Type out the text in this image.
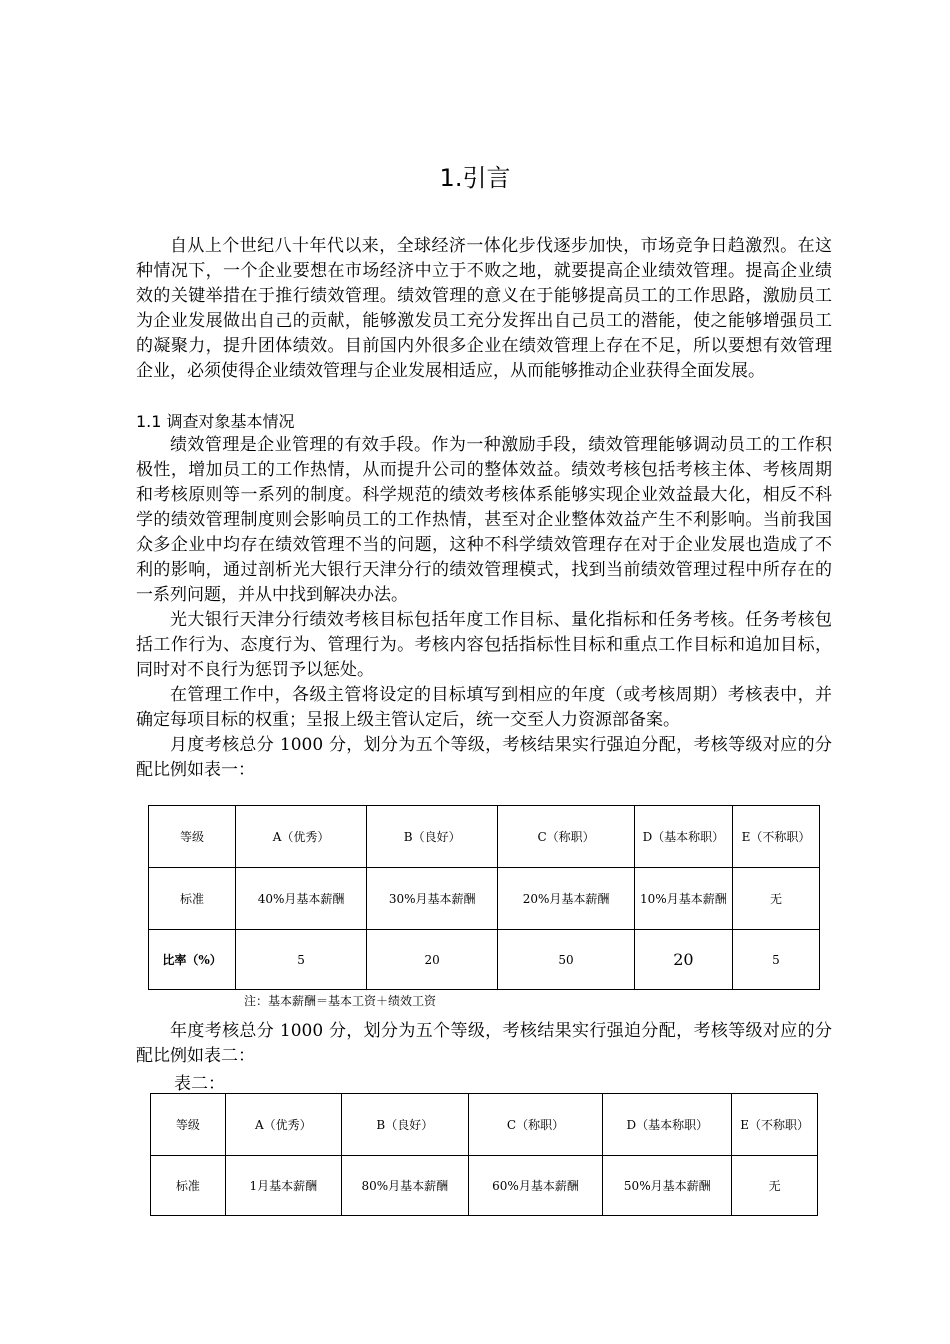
1.引言

自从上个世纪八十年代以来，全球经济一体化步伐逐步加快，市场竞争日趋激烈。在这种情况下，一个企业要想在市场经济中立于不败之地，就要提高企业绩效管理。提高企业绩效的关键举措在于推行绩效管理。绩效管理的意义在于能够提高员工的工作思路，激励员工为企业发展做出自己的贡献，能够激发员工充分发挥出自己员工的潜能，使之能够增强员工的凝聚力，提升团体绩效。目前国内外很多企业在绩效管理上存在不足，所以要想有效管理企业，必须使得企业绩效管理与企业发展相适应，从而能够推动企业获得全面发展。

1.1 调查对象基本情况

绩效管理是企业管理的有效手段。作为一种激励手段，绩效管理能够调动员工的工作积极性，增加员工的工作热情，从而提升公司的整体效益。绩效考核包括考核主体、考核周期和考核原则等一系列的制度。科学规范的绩效考核体系能够实现企业效益最大化，相反不科学的绩效管理制度则会影响员工的工作热情，甚至对企业整体效益产生不利影响。当前我国众多企业中均存在绩效管理不当的问题，这种不科学绩效管理存在对于企业发展也造成了不利的影响，通过剖析光大银行天津分行的绩效管理模式，找到当前绩效管理过程中所存在的一系列问题，并从中找到解决办法。

光大银行天津分行绩效考核目标包括年度工作目标、量化指标和任务考核。任务考核包括工作行为、态度行为、管理行为。考核内容包括指标性目标和重点工作目标和追加目标，同时对不良行为惩罚予以惩处。

在管理工作中，各级主管将设定的目标填写到相应的年度（或考核周期）考核表中，并确定每项目标的权重；呈报上级主管认定后，统一交至人力资源部备案。

月度考核总分 1000 分，划分为五个等级，考核结果实行强迫分配，考核等级对应的分配比例如表一：

等级	A（优秀）	B（良好）	C（称职）	D（基本称职）	E（不称职）
标准	40%月基本薪酬	30%月基本薪酬	20%月基本薪酬	10%月基本薪酬	无
比率（%）	5	20	50	20	5
注：基本薪酬＝基本工资＋绩效工资

年度考核总分 1000 分，划分为五个等级，考核结果实行强迫分配，考核等级对应的分配比例如表二：

表二：
等级	A（优秀）	B（良好）	C（称职）	D（基本称职）	E（不称职）
标准	1月基本薪酬	80%月基本薪酬	60%月基本薪酬	50%月基本薪酬	无
